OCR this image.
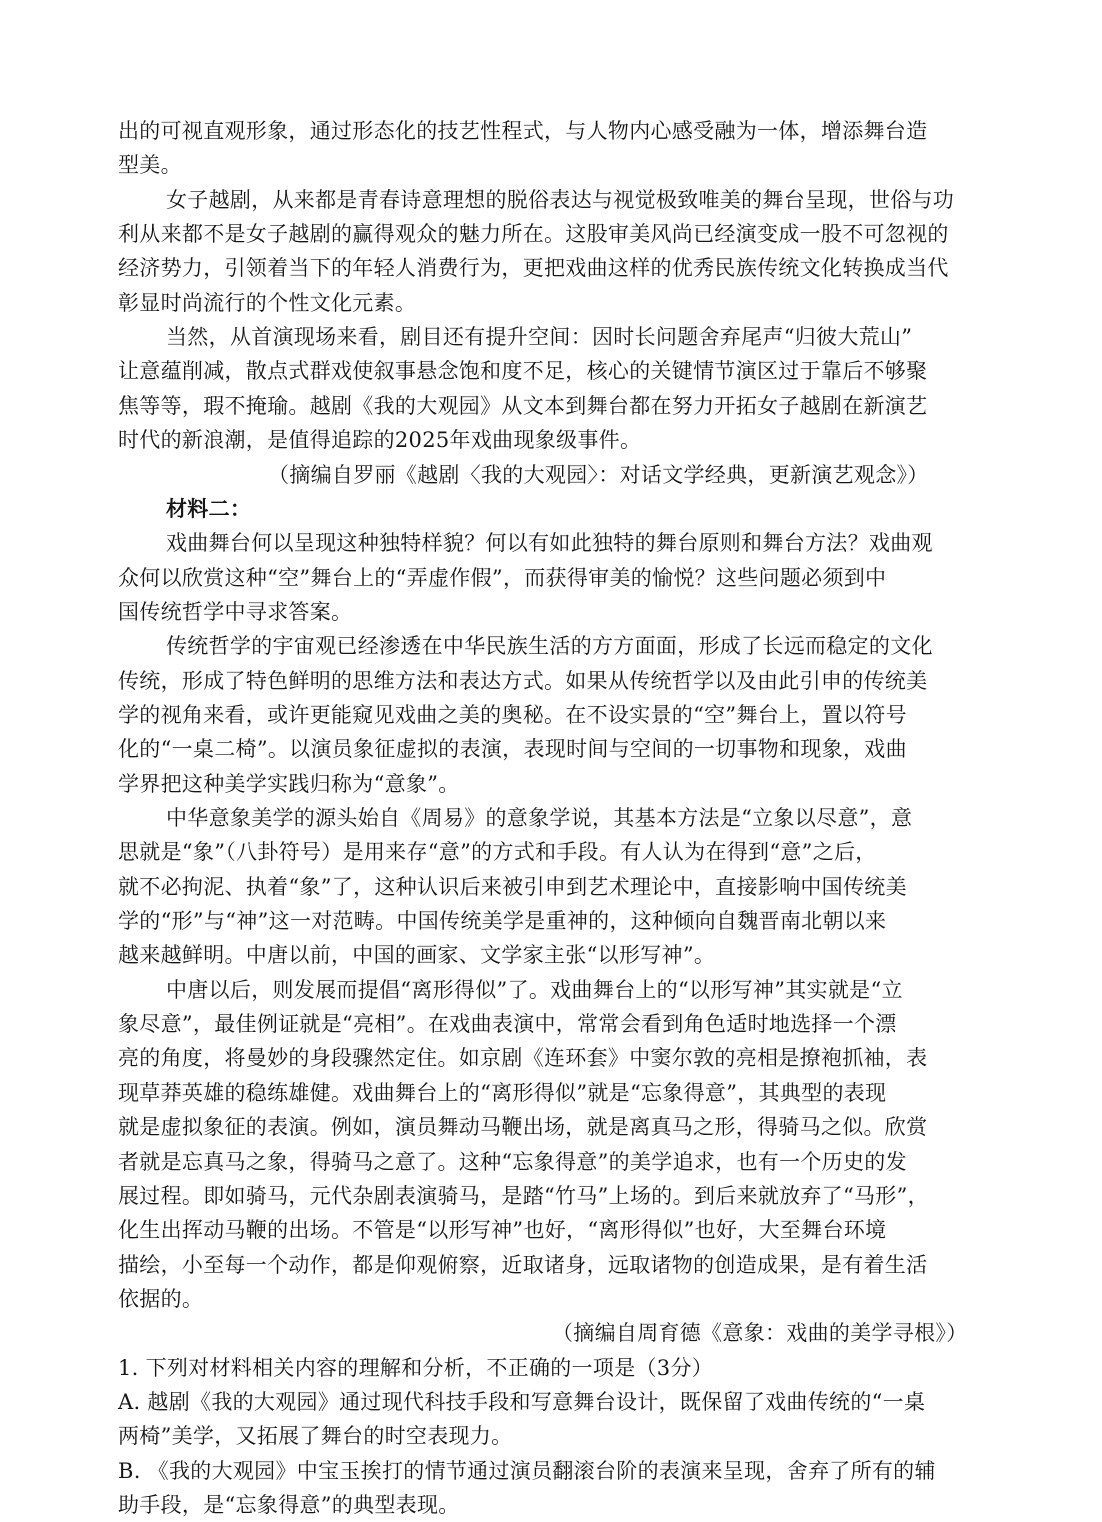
出的可视直观形象，通过形态化的技艺性程式，与人物内心感受融为一体，增添舞台造
型美。
女子越剧，从来都是青春诗意理想的脱俗表达与视觉极致唯美的舞台呈现，世俗与功
利从来都不是女子越剧的赢得观众的魅力所在。这股审美风尚已经演变成一股不可忽视的
经济势力，引领着当下的年轻人消费行为，更把戏曲这样的优秀民族传统文化转换成当代
彰显时尚流行的个性文化元素。
当然，从首演现场来看，剧目还有提升空间：因时长问题舍弃尾声“归彼大荒山”
让意蕴削减，散点式群戏使叙事悬念饱和度不足，核心的关键情节演区过于靠后不够聚
焦等等，瑕不掩瑜。越剧《我的大观园》从文本到舞台都在努力开拓女子越剧在新演艺
时代的新浪潮，是值得追踪的2025年戏曲现象级事件。
（摘编自罗丽《越剧〈我的大观园〉：对话文学经典，更新演艺观念》）
材料二：
戏曲舞台何以呈现这种独特样貌？何以有如此独特的舞台原则和舞台方法？戏曲观
众何以欣赏这种“空”舞台上的“弄虚作假”，而获得审美的愉悦？这些问题必须到中
国传统哲学中寻求答案。
传统哲学的宇宙观已经渗透在中华民族生活的方方面面，形成了长远而稳定的文化
传统，形成了特色鲜明的思维方法和表达方式。如果从传统哲学以及由此引申的传统美
学的视角来看，或许更能窥见戏曲之美的奥秘。在不设实景的“空”舞台上，置以符号
化的“一桌二椅”。以演员象征虚拟的表演，表现时间与空间的一切事物和现象，戏曲
学界把这种美学实践归称为“意象”。
中华意象美学的源头始自《周易》的意象学说，其基本方法是“立象以尽意”，意
思就是“象”（八卦符号）是用来存“意”的方式和手段。有人认为在得到“意”之后，
就不必拘泥、执着“象”了，这种认识后来被引申到艺术理论中，直接影响中国传统美
学的“形”与“神”这一对范畴。中国传统美学是重神的，这种倾向自魏晋南北朝以来
越来越鲜明。中唐以前，中国的画家、文学家主张“以形写神”。
中唐以后，则发展而提倡“离形得似”了。戏曲舞台上的“以形写神”其实就是“立
象尽意”，最佳例证就是“亮相”。在戏曲表演中，常常会看到角色适时地选择一个漂
亮的角度，将曼妙的身段骤然定住。如京剧《连环套》中窦尔敦的亮相是撩袍抓袖，表
现草莽英雄的稳练雄健。戏曲舞台上的“离形得似”就是“忘象得意”，其典型的表现
就是虚拟象征的表演。例如，演员舞动马鞭出场，就是离真马之形，得骑马之似。欣赏
者就是忘真马之象，得骑马之意了。这种“忘象得意”的美学追求，也有一个历史的发
展过程。即如骑马，元代杂剧表演骑马，是踏“竹马”上场的。到后来就放弃了“马形”，
化生出挥动马鞭的出场。不管是“以形写神”也好，“离形得似”也好，大至舞台环境
描绘，小至每一个动作，都是仰观俯察，近取诸身，远取诸物的创造成果，是有着生活
依据的。
（摘编自周育德《意象：戏曲的美学寻根》）
1. 下列对材料相关内容的理解和分析，不正确的一项是（3分）
A. 越剧《我的大观园》通过现代科技手段和写意舞台设计，既保留了戏曲传统的“一桌
两椅”美学，又拓展了舞台的时空表现力。
B. 《我的大观园》中宝玉挨打的情节通过演员翻滚台阶的表演来呈现，舍弃了所有的辅
助手段，是“忘象得意”的典型表现。
